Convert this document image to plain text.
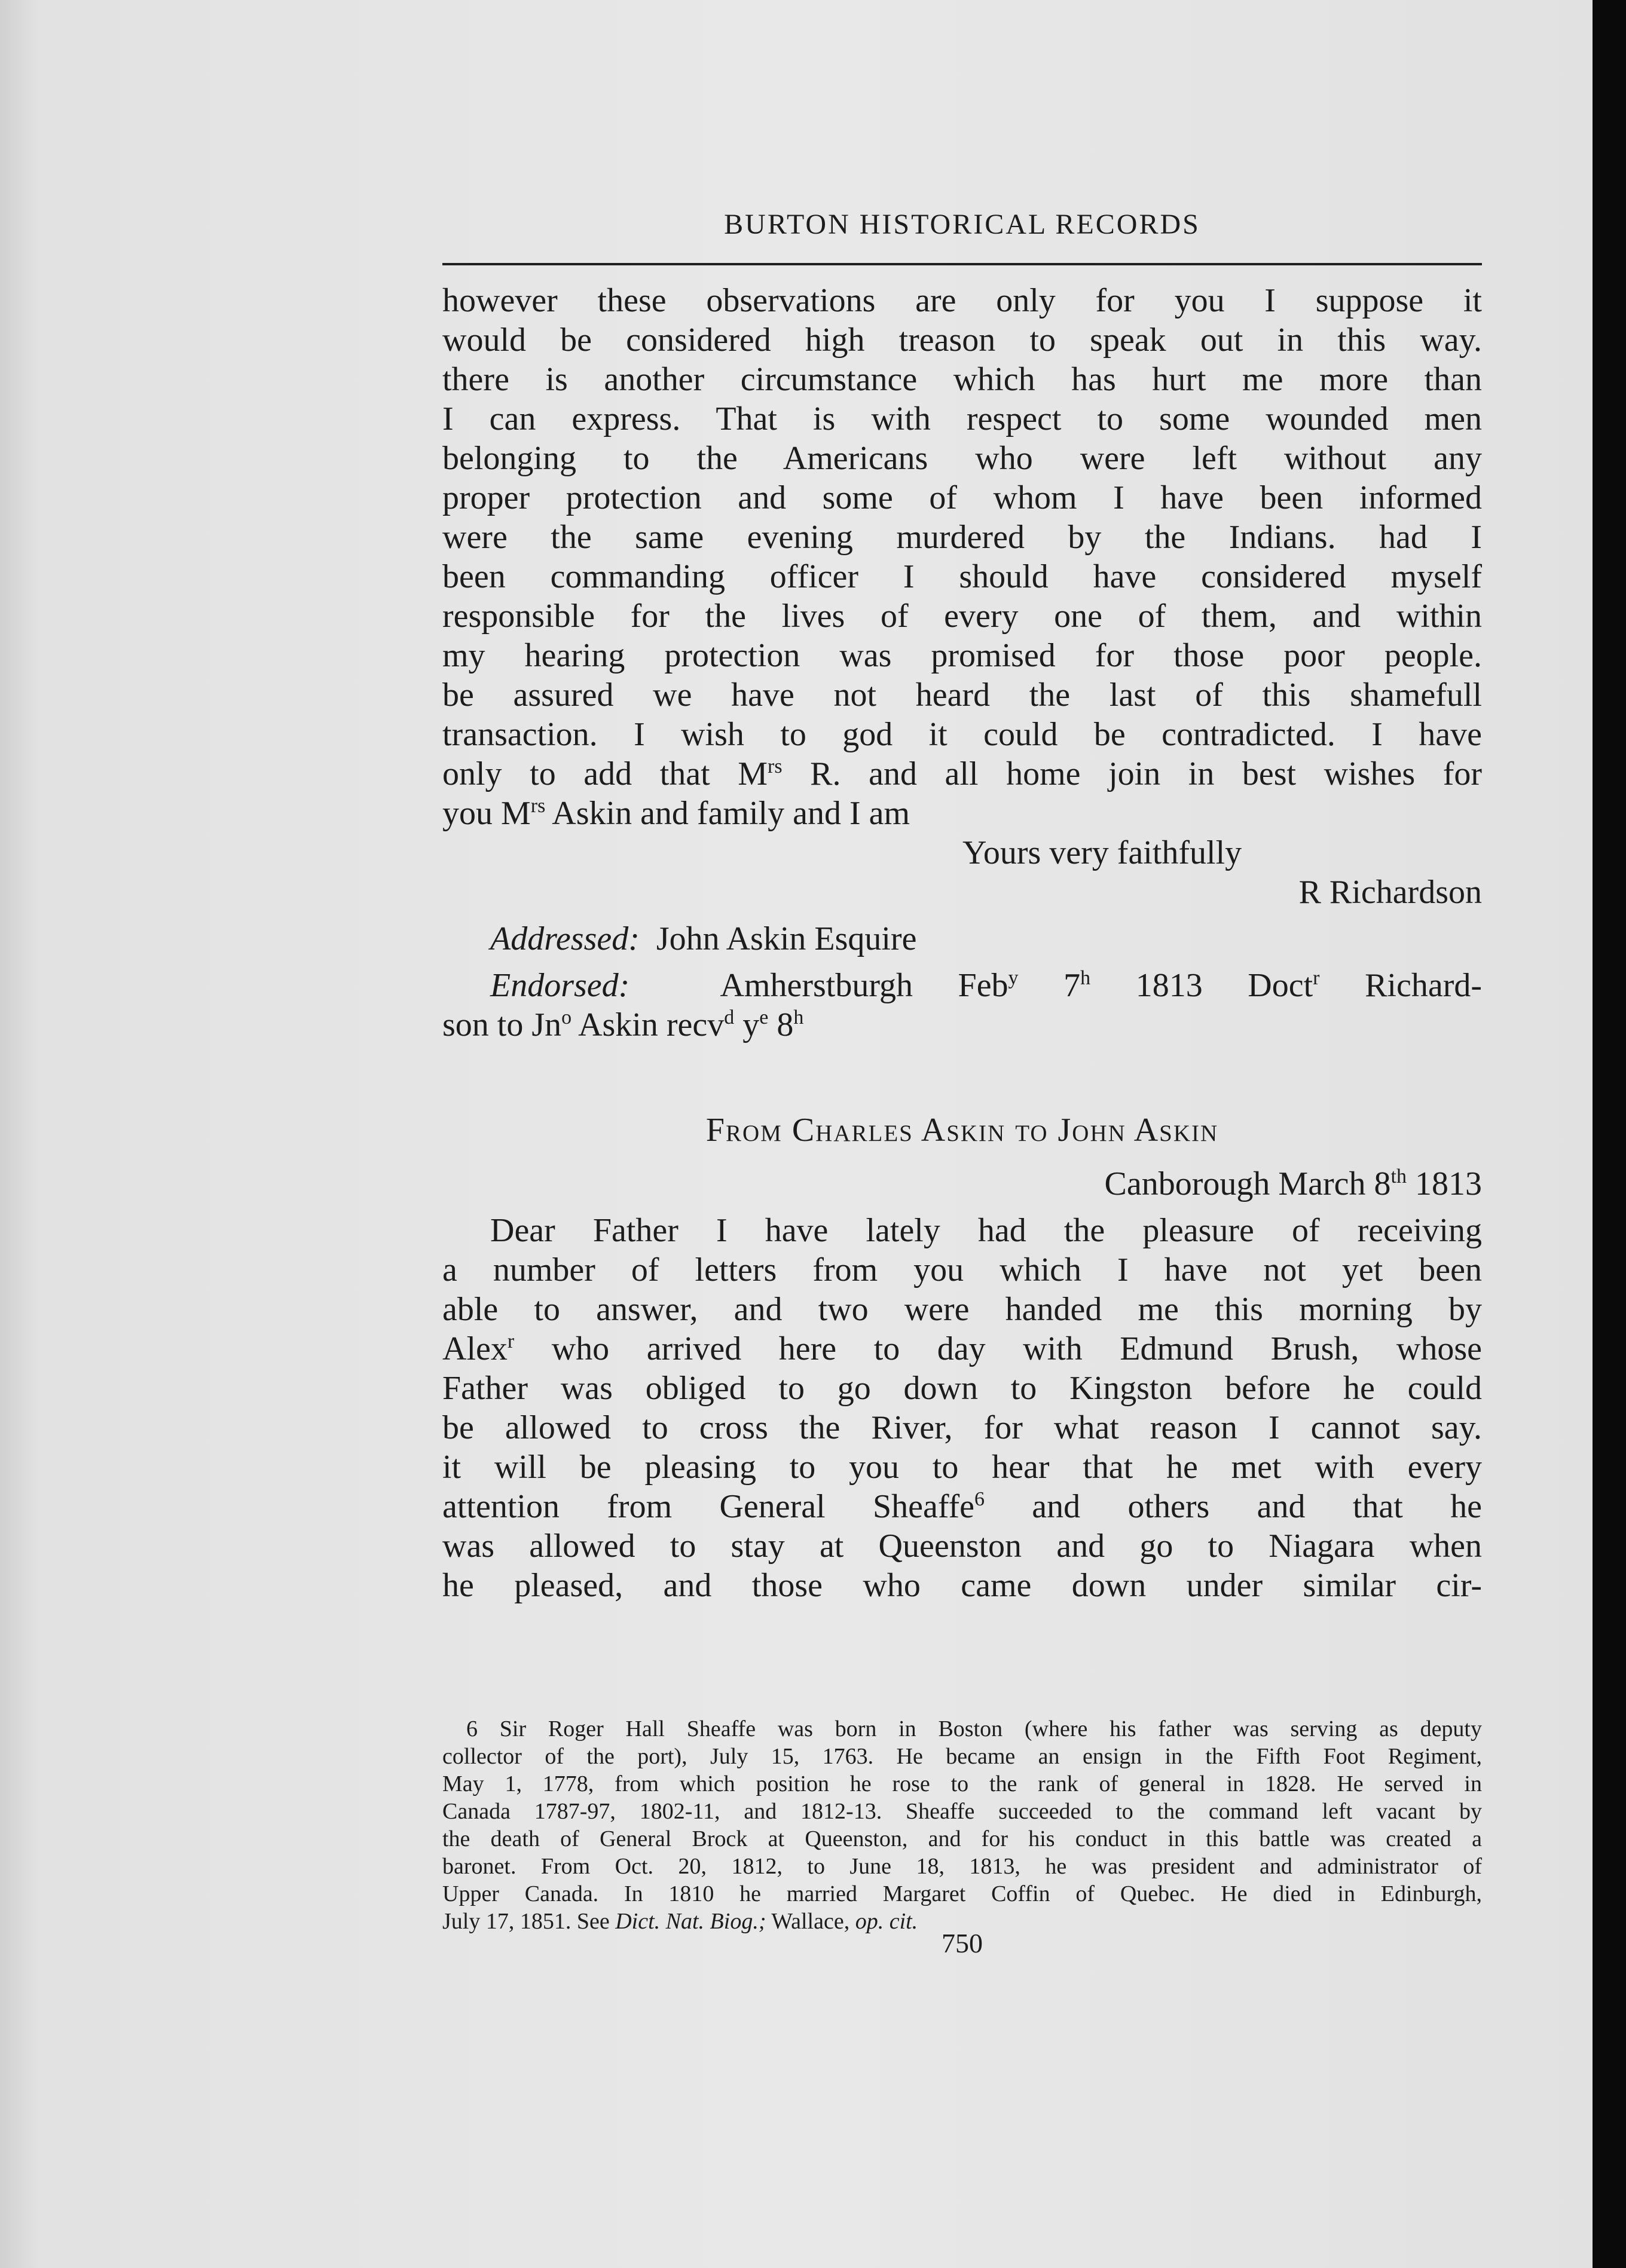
BURTON HISTORICAL RECORDS
however these observations are only for you I suppose it
would be considered high treason to speak out in this way.
there is another circumstance which has hurt me more than
I can express. That is with respect to some wounded men
belonging to the Americans who were left without any
proper protection and some of whom I have been informed
were the same evening murdered by the Indians. had I
been commanding officer I should have considered myself
responsible for the lives of every one of them, and within
my hearing protection was promised for those poor people.
be assured we have not heard the last of this shamefull
transaction. I wish to god it could be contradicted. I have
only to add that $M^{rs}$ R. and all home join in best wishes for
you $M^{rs}$ Askin and family and I am
Yours very faithfully
R Richardson
Addressed: John Askin Esquire
Endorsed:	Amherstburgh Feb$^y$ 7$^h$ 1813 Doct$^r$ Richard-
son to Jn$^o$ Askin recv$^d$ $y^e$ 8$^h$
From Charles Askin to John Askin
Canborough March 8th 1813
Dear Father I have lately had the pleasure of receiving
a number of letters from you which I have not yet been
able to answer, and two were handed me this morning by
Alex$^r$ who arrived here to day with Edmund Brush, whose
Father was obliged to go down to Kingston before he could
be allowed to cross the River, for what reason I cannot say.
it will be pleasing to you to hear that he met with every
attention from General Sheaffe$^6$ and others and that he
was allowed to stay at Queenston and go to Niagara when
he pleased, and those who came down under similar cir-
6 Sir Roger Hall Sheaffe was born in Boston (where his father was serving as deputy
collector of the port), July 15, 1763. He became an ensign in the Fifth Foot Regiment,
May 1, 1778, from which position he rose to the rank of general in 1828. He served in
Canada 1787-97, 1802-11, and 1812-13. Sheaffe succeeded to the command left vacant by
the death of General Brock at Queenston, and for his conduct in this battle was created a
baronet. From Oct. 20, 1812, to June 18, 1813, he was president and administrator of
Upper Canada. In 1810 he married Margaret Coffin of Quebec. He died in Edinburgh,
July 17, 1851. See Dict. Nat. Biog.; Wallace, op. cit.
750
